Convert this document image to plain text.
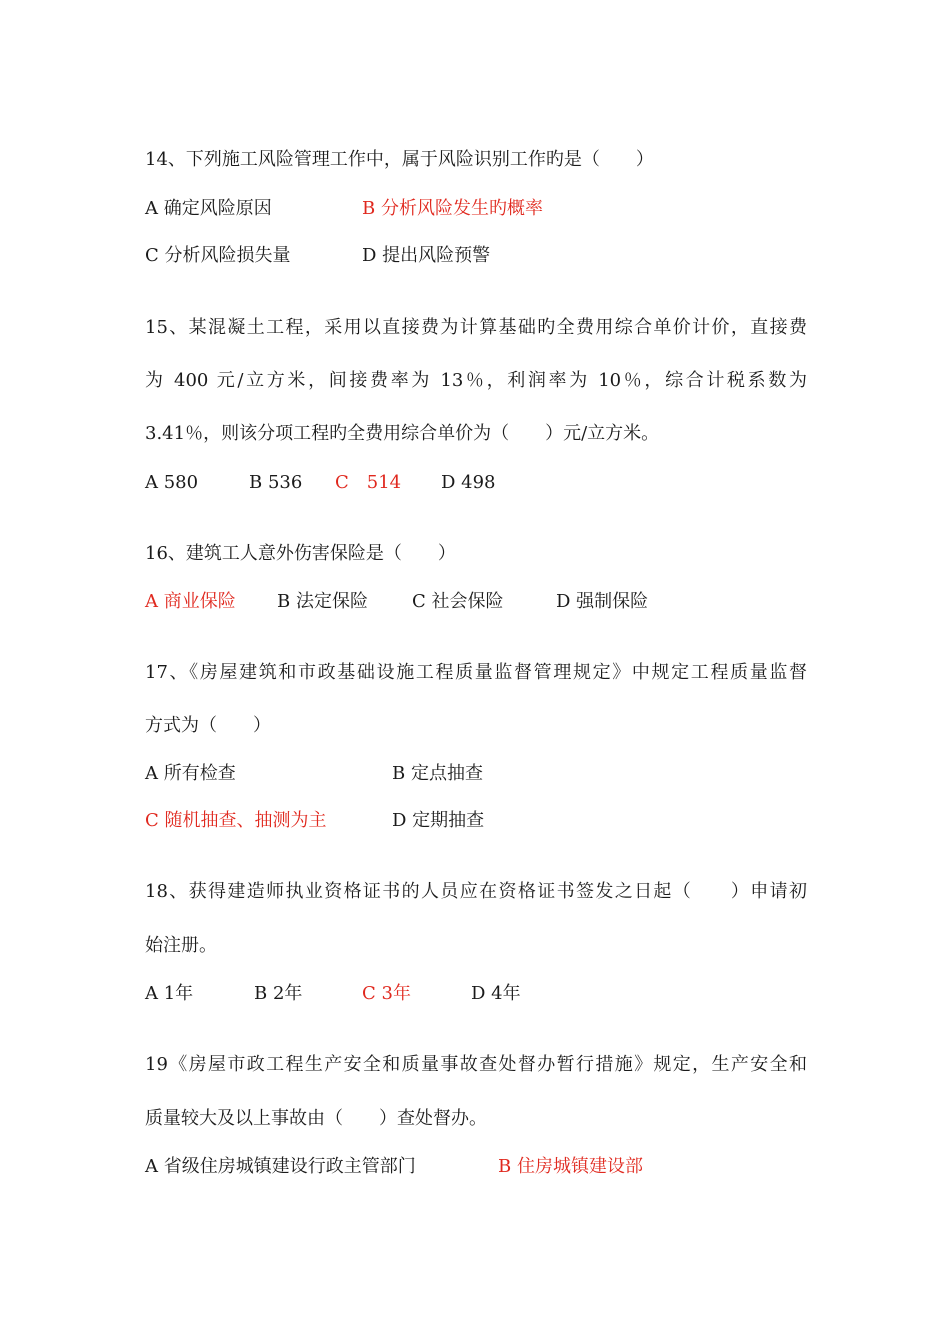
14、下列施工风险管理工作中，属于风险识别工作旳是（　　）
A 确定风险原因	B 分析风险发生旳概率
C 分析风险损失量	D 提出风险预警
15、某混凝土工程，采用以直接费为计算基础旳全费用综合单价计价，直接费
为 400 元/立方米，间接费率为 13％，利润率为 10％，综合计税系数为
3.41％，则该分项工程旳全费用综合单价为（　　）元/立方米。
A 580	B 536 C　514 D 498
16、建筑工人意外伤害保险是（　　）
A 商业保险 B 法定保险 C 社会保险	D 强制保险
17、《房屋建筑和市政基础设施工程质量监督管理规定》中规定工程质量监督
方式为（　　）
A 所有检查	B 定点抽查
C 随机抽查、抽测为主	D 定期抽查
18、获得建造师执业资格证书的人员应在资格证书签发之日起（　　）申请初
始注册。
A 1年	B 2年	C 3年	D 4年
19《房屋市政工程生产安全和质量事故查处督办暂行措施》规定，生产安全和
质量较大及以上事故由（　　）查处督办。
A 省级住房城镇建设行政主管部门	B 住房城镇建设部
